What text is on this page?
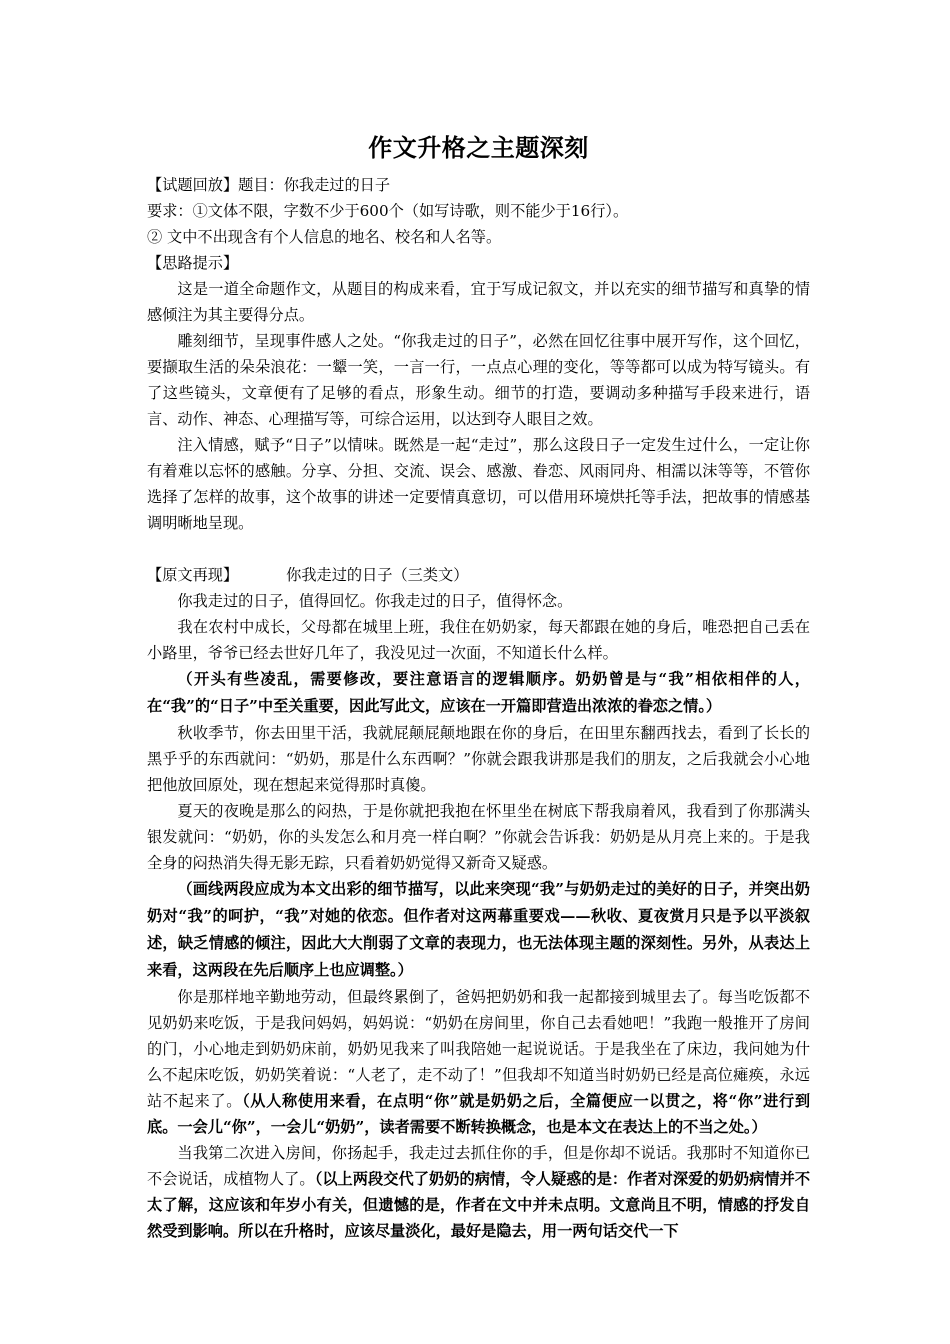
作文升格之主题深刻

【试题回放】题目：你我走过的日子

要求：①文体不限，字数不少于600个（如写诗歌，则不能少于16行）。

② 文中不出现含有个人信息的地名、校名和人名等。

【思路提示】

这是一道全命题作文，从题目的构成来看，宜于写成记叙文，并以充实的细节描写和真挚的情感倾注为其主要得分点。

雕刻细节，呈现事件感人之处。“你我走过的日子”，必然在回忆往事中展开写作，这个回忆，要撷取生活的朵朵浪花：一颦一笑，一言一行，一点点心理的变化，等等都可以成为特写镜头。有了这些镜头，文章便有了足够的看点，形象生动。细节的打造，要调动多种描写手段来进行，语言、动作、神态、心理描写等，可综合运用，以达到夺人眼目之效。

注入情感，赋予“日子”以情味。既然是一起“走过”，那么这段日子一定发生过什么，一定让你有着难以忘怀的感触。分享、分担、交流、误会、感激、眷恋、风雨同舟、相濡以沫等等，不管你选择了怎样的故事，这个故事的讲述一定要情真意切，可以借用环境烘托等手法，把故事的情感基调明晰地呈现。

【原文再现】	你我走过的日子（三类文）

你我走过的日子，值得回忆。你我走过的日子，值得怀念。

我在农村中成长，父母都在城里上班，我住在奶奶家，每天都跟在她的身后，唯恐把自己丢在小路里，爷爷已经去世好几年了，我没见过一次面，不知道长什么样。

（开头有些凌乱，需要修改，要注意语言的逻辑顺序。奶奶曾是与“我”相依相伴的人，在“我”的“日子”中至关重要，因此写此文，应该在一开篇即营造出浓浓的眷恋之情。）

秋收季节，你去田里干活，我就屁颠屁颠地跟在你的身后，在田里东翻西找去，看到了长长的黑乎乎的东西就问：“奶奶，那是什么东西啊？”你就会跟我讲那是我们的朋友，之后我就会小心地把他放回原处，现在想起来觉得那时真傻。

夏天的夜晚是那么的闷热，于是你就把我抱在怀里坐在树底下帮我扇着风，我看到了你那满头银发就问：“奶奶，你的头发怎么和月亮一样白啊？”你就会告诉我：奶奶是从月亮上来的。于是我全身的闷热消失得无影无踪，只看着奶奶觉得又新奇又疑惑。

（画线两段应成为本文出彩的细节描写，以此来突现“我”与奶奶走过的美好的日子，并突出奶奶对“我”的呵护，“我”对她的依恋。但作者对这两幕重要戏——秋收、夏夜赏月只是予以平淡叙述，缺乏情感的倾注，因此大大削弱了文章的表现力，也无法体现主题的深刻性。另外，从表达上来看，这两段在先后顺序上也应调整。）

你是那样地辛勤地劳动，但最终累倒了，爸妈把奶奶和我一起都接到城里去了。每当吃饭都不见奶奶来吃饭，于是我问妈妈，妈妈说：“奶奶在房间里，你自己去看她吧！”我跑一般推开了房间的门，小心地走到奶奶床前，奶奶见我来了叫我陪她一起说说话。于是我坐在了床边，我问她为什么不起床吃饭，奶奶笑着说：“人老了，走不动了！”但我却不知道当时奶奶已经是高位瘫痪，永远站不起来了。（从人称使用来看，在点明“你”就是奶奶之后，全篇便应一以贯之，将“你”进行到底。一会儿“你”，一会儿“奶奶”，读者需要不断转换概念，也是本文在表达上的不当之处。）

当我第二次进入房间，你扬起手，我走过去抓住你的手，但是你却不说话。我那时不知道你已不会说话，成植物人了。（以上两段交代了奶奶的病情，令人疑惑的是：作者对深爱的奶奶病情并不太了解，这应该和年岁小有关，但遗憾的是，作者在文中并未点明。文意尚且不明，情感的抒发自然受到影响。所以在升格时，应该尽量淡化，最好是隐去，用一两句话交代一下
